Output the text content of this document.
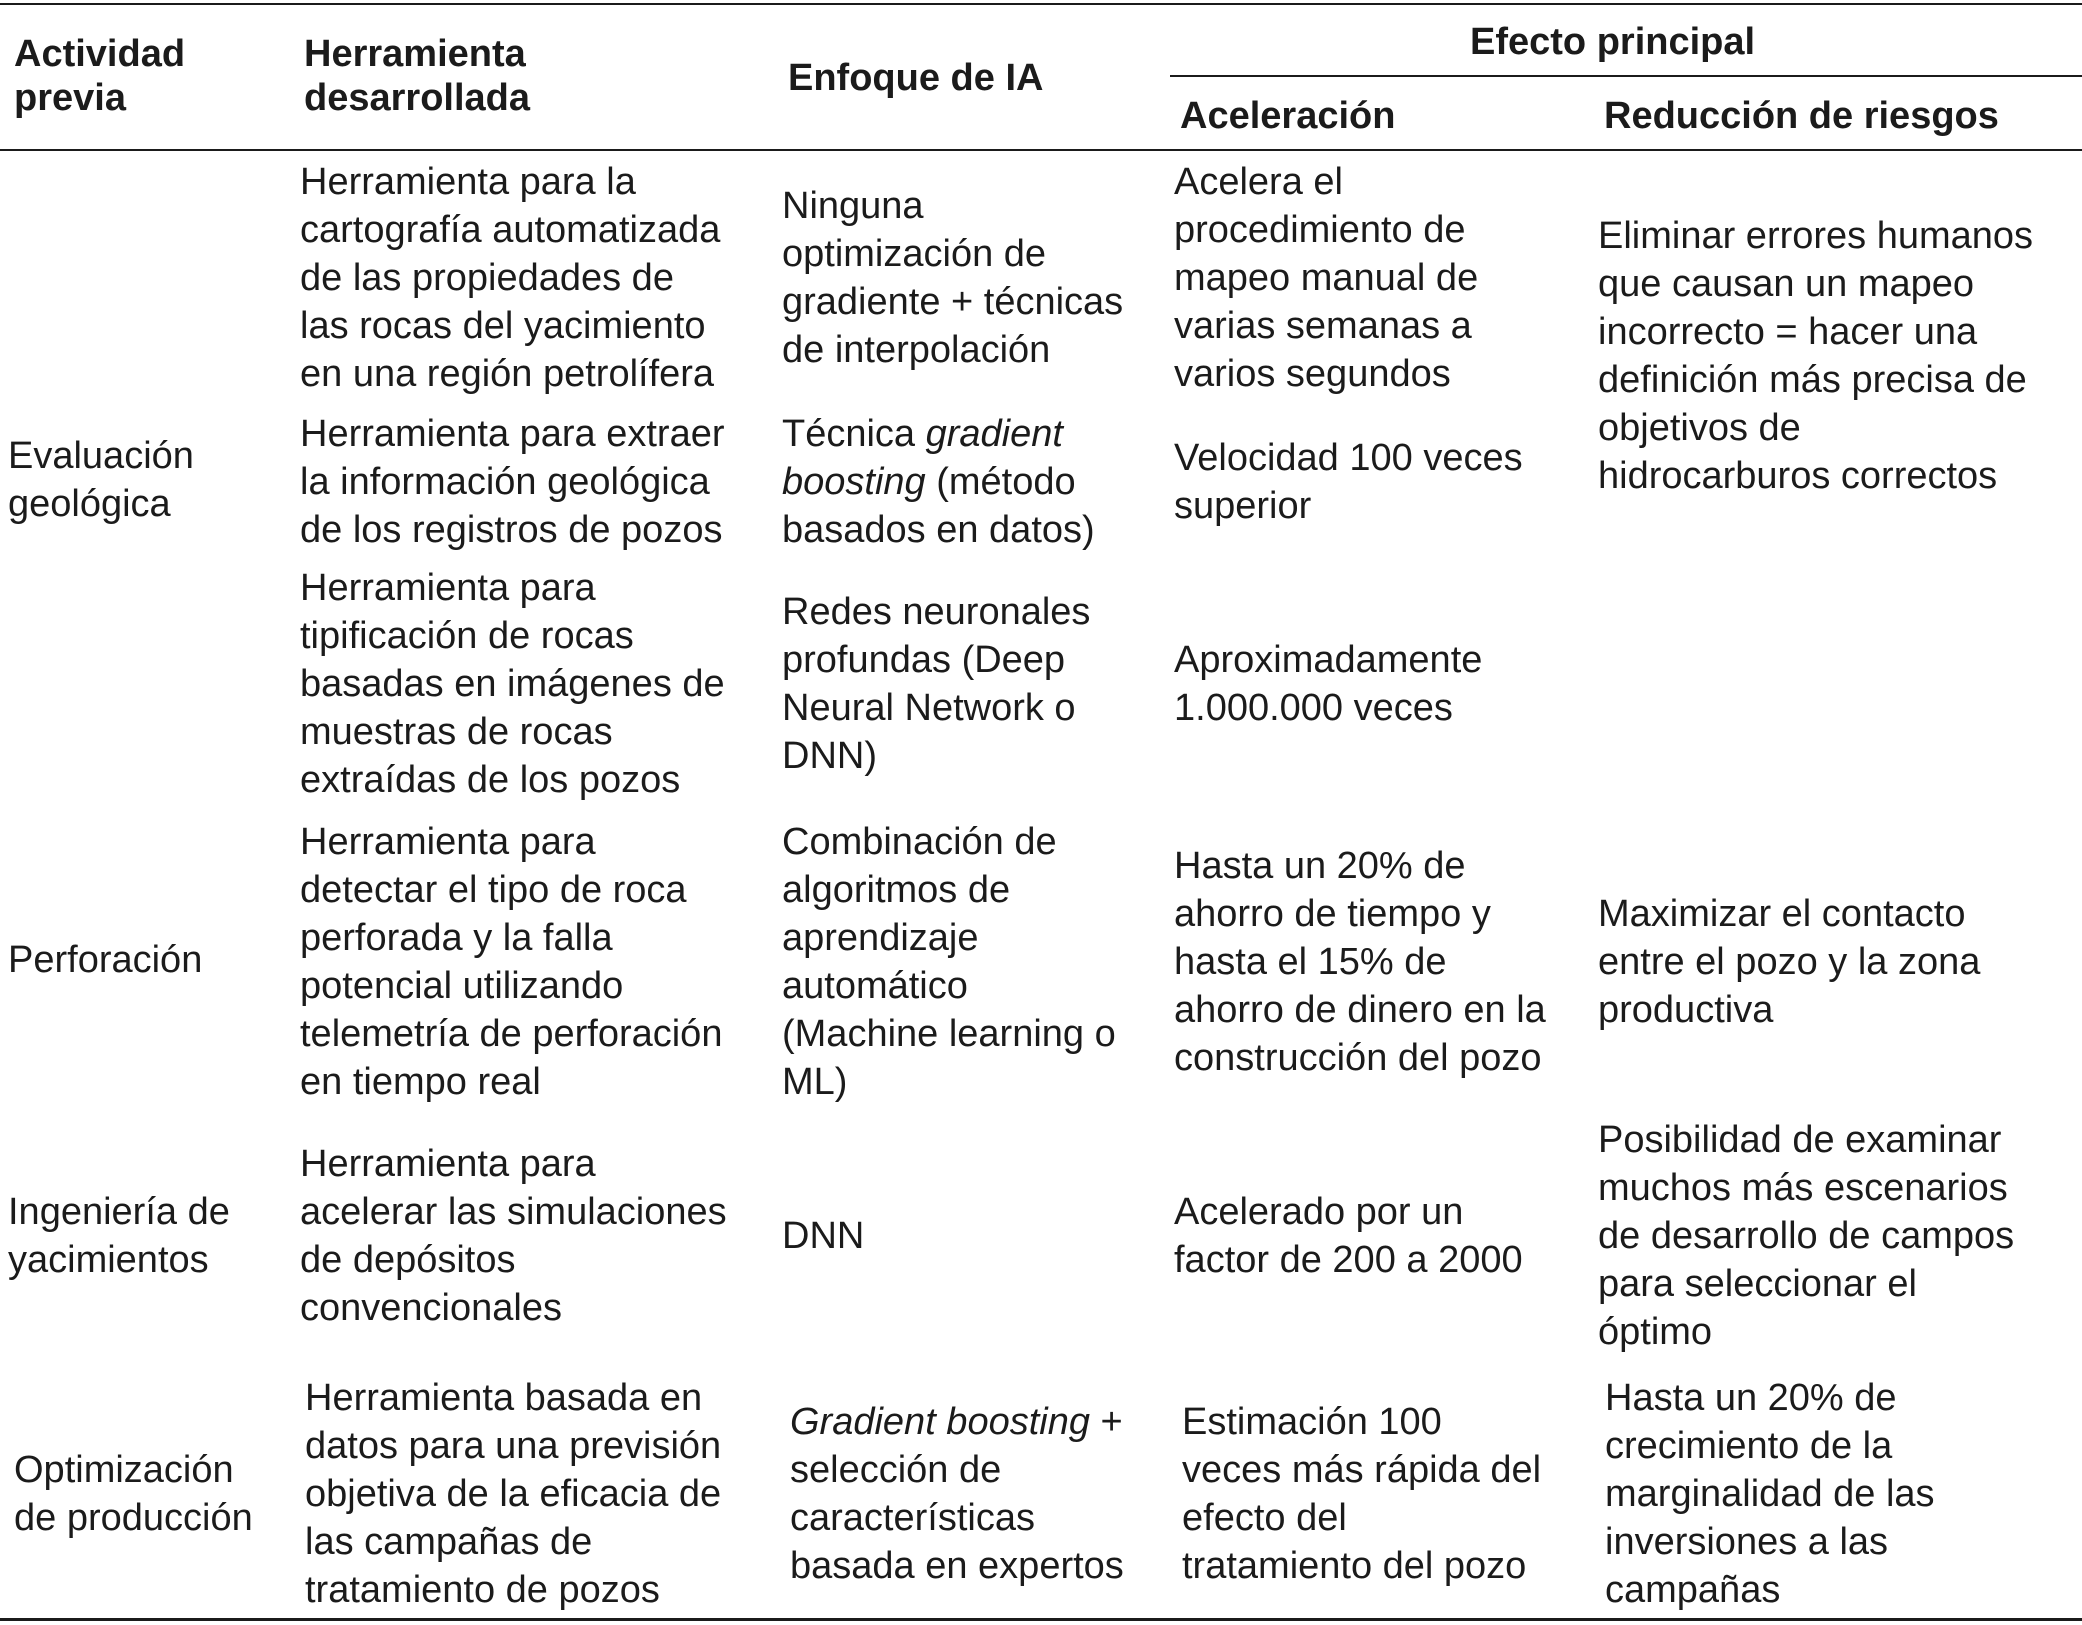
Actividad
previa
Herramienta
desarrollada	Enfoque de IA
Efecto principal
Aceleración	Reducción de riesgos
Evaluación
geológica
Eliminar errores humanos
que causan un mapeo
incorrecto = hacer una
definición más precisa de
objetivos de
hidrocarburos correctos
Herramienta para la
cartografía automatizada
de las propiedades de
las rocas del yacimiento
en una región petrolífera
Ninguna
optimización de
gradiente + técnicas
de interpolación
Acelera el
procedimiento de
mapeo manual de
varias semanas a
varios segundos
Herramienta para extraer
la información geológica
de los registros de pozos
Técnica gradient
boosting (método
basados en datos)
Velocidad 100 veces
superior
Herramienta para
tipificación de rocas
basadas en imágenes de
muestras de rocas
extraídas de los pozos
Redes neuronales
profundas (Deep
Neural Network o
DNN)
Aproximadamente
1.000.000 veces
Perforación
Herramienta para
detectar el tipo de roca
perforada y la falla
potencial utilizando
telemetría de perforación
en tiempo real
Combinación de
algoritmos de
aprendizaje
automático
(Machine learning o
ML)
Hasta un 20% de
ahorro de tiempo y
hasta el 15% de
ahorro de dinero en la
construcción del pozo
Maximizar el contacto
entre el pozo y la zona
productiva
Ingeniería de
yacimientos
Herramienta para
acelerar las simulaciones
de depósitos
convencionales
DNN
Acelerado por un
factor de 200 a 2000
Posibilidad de examinar
muchos más escenarios
de desarrollo de campos
para seleccionar el
óptimo
Optimización
de producción
Herramienta basada en
datos para una previsión
objetiva de la eficacia de
las campañas de
tratamiento de pozos
Gradient boosting +
selección de
características
basada en expertos
Estimación 100
veces más rápida del
efecto del
tratamiento del pozo
Hasta un 20% de
crecimiento de la
marginalidad de las
inversiones a las
campañas
